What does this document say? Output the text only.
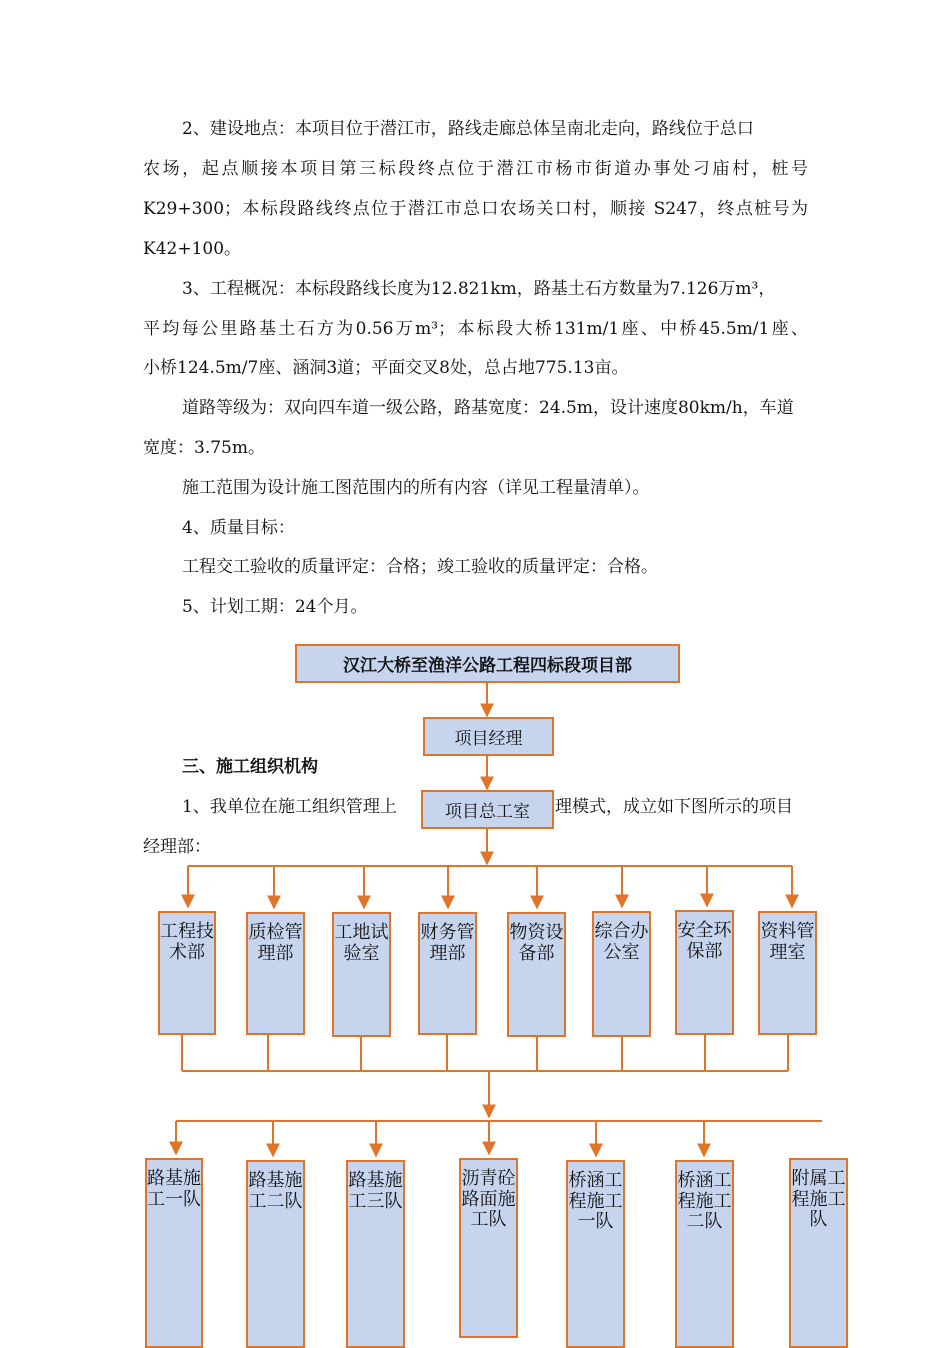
2、建设地点：本项目位于潜江市，路线走廊总体呈南北走向，路线位于总口
农场，起点顺接本项目第三标段终点位于潜江市杨市街道办事处刁庙村，桩号
K29+300；本标段路线终点位于潜江市总口农场关口村，顺接 S247，终点桩号为
K42+100。
3、工程概况：本标段路线长度为12.821km，路基土石方数量为7.126万m³，
平均每公里路基土石方为0.56万m³；本标段大桥131m/1座、中桥45.5m/1座、
小桥124.5m/7座、涵洞3道；平面交叉8处，总占地775.13亩。
道路等级为：双向四车道一级公路，路基宽度：24.5m，设计速度80km/h，车道
宽度：3.75m。
施工范围为设计施工图范围内的所有内容（详见工程量清单）。
4、质量目标：
工程交工验收的质量评定：合格；竣工验收的质量评定：合格。
5、计划工期：24个月。
三、施工组织机构
1、我单位在施工组织管理上	理模式，成立如下图所示的项目
经理部：
汉江大桥至渔洋公路工程四标段项目部
项目经理
项目总工室
工程技术部
质检管理部
工地试验室
财务管理部
物资设备部
综合办公室
安全环保部
资料管理室
路基施工一队
路基施工二队
路基施工三队
沥青砼路面施工队
桥涵工程施工一队
桥涵工程施工二队
附属工程施工队
